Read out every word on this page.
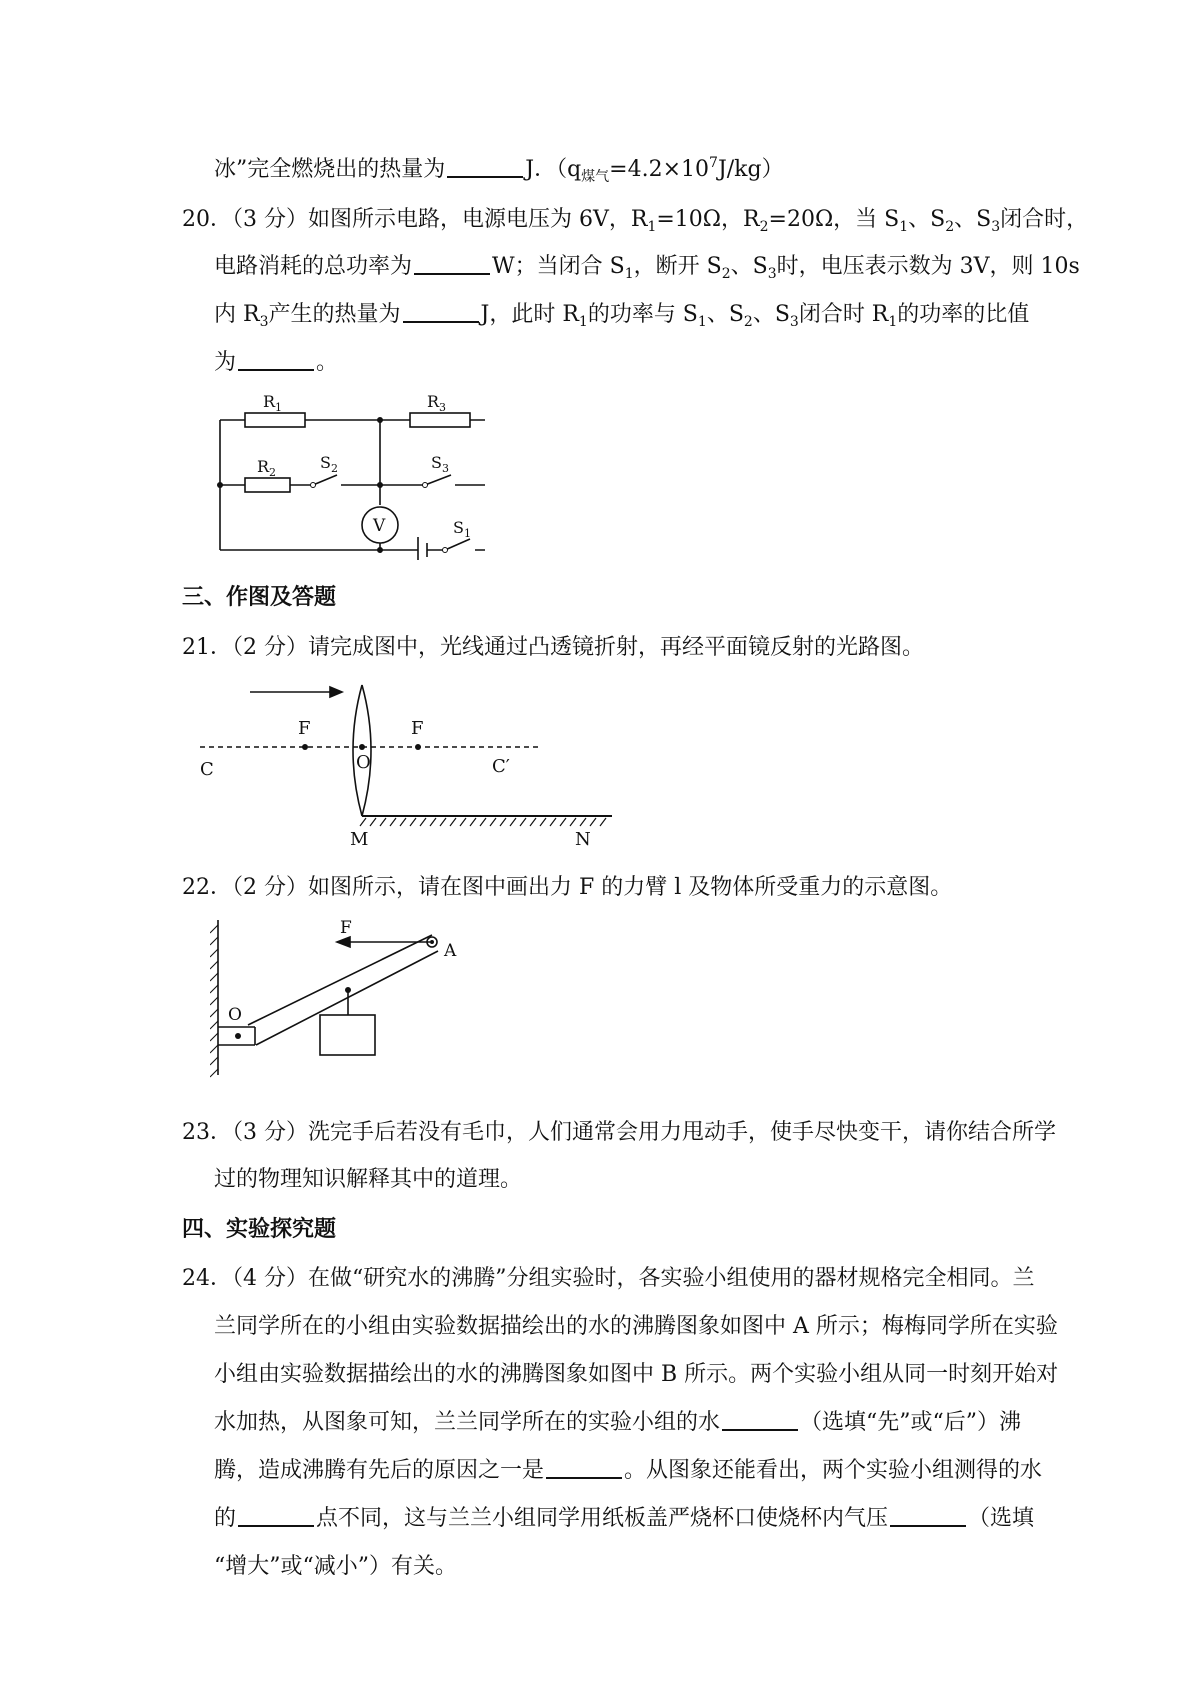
冰”完全燃烧出的热量为	J．$(q_{煤气}=4.2\times 10^7J/kg)$
20．（3 分）如图所示电路，电源电压为 6V，$R_1=10\Omega$，$R_2=20\Omega$，当 $S_1$、$S_2$、$S_3$闭合时，
电路消耗的总功率为	W；当闭合 $S_1$，断开 $S_2$、$S_3$时，电压表示数为 3V，则 10s
内 $R_3$产生的热量为	J，此时 $R_1$的功率与 $S_1$、$S_2$、$S_3$闭合时 $R_1$的功率的比值
为	。
$R_1$	$R_3$
$R_2$
$S_2$	$S_3$
$S_1$
V
三、作图及答题
21．（2 分）请完成图中，光线通过凸透镜折射，再经平面镜反射的光路图。
F	F
O
C	C′
M	N
22．（2 分）如图所示，请在图中画出力 F 的力臂 l 及物体所受重力的示意图。
F
A
O
23．（3 分）洗完手后若没有毛巾，人们通常会用力甩动手，使手尽快变干，请你结合所学
过的物理知识解释其中的道理。
四、实验探究题
24．（4 分）在做“研究水的沸腾”分组实验时，各实验小组使用的器材规格完全相同。兰
兰同学所在的小组由实验数据描绘出的水的沸腾图象如图中 A 所示；梅梅同学所在实验
小组由实验数据描绘出的水的沸腾图象如图中 B 所示。两个实验小组从同一时刻开始对
水加热，从图象可知，兰兰同学所在的实验小组的水	（选填“先”或“后”）沸
腾，造成沸腾有先后的原因之一是	。从图象还能看出，两个实验小组测得的水
的	点不同，这与兰兰小组同学用纸板盖严烧杯口使烧杯内气压	（选填
“增大”或“减小”）有关。
